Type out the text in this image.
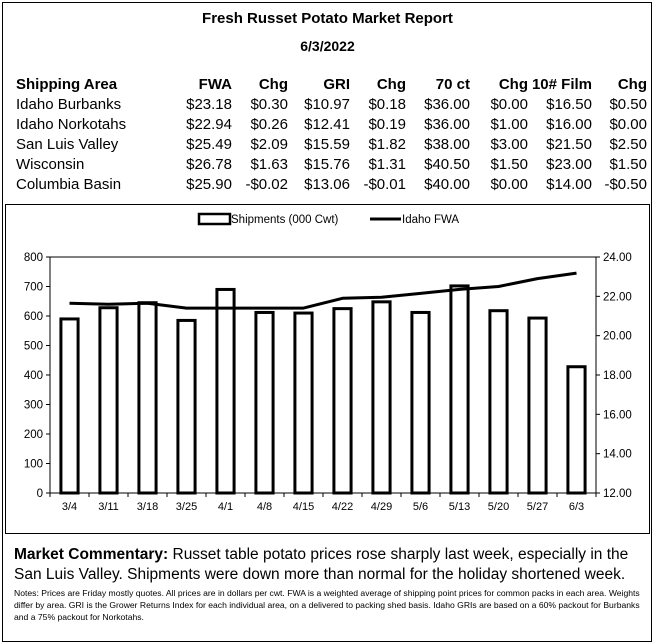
Fresh Russet Potato Market Report
6/3/2022
Shipping Area	FWA	Chg	GRI	Chg	70 ct	Chg	10# Film	Chg
Idaho Burbanks	$23.18	$0.30	$10.97	$0.18	$36.00	$0.00	$16.50	$0.50
Idaho Norkotahs	$22.94	$0.26	$12.41	$0.19	$36.00	$1.00	$16.00	$0.00
San Luis Valley	$25.49	$2.09	$15.59	$1.82	$38.00	$3.00	$21.50	$2.50
Wisconsin	$26.78	$1.63	$15.76	$1.31	$40.50	$1.50	$23.00	$1.50
Columbia Basin	$25.90	-$0.02	$13.06	-$0.01	$40.00	$0.00	$14.00	-$0.50
0
100
200
300
400
500
600
700
800
12.00
14.00
16.00
18.00
20.00
22.00
24.00
3/4 3/11 3/18 3/25 4/1 4/8 4/15 4/22 4/29 5/6 5/13 5/20 5/27 6/3
Shipments (000 Cwt)	Idaho FWA
Market Commentary: Russet table potato prices rose sharply last week, especially in the San Luis Valley. Shipments were down more than normal for the holiday shortened week.
Notes: Prices are Friday mostly quotes. All prices are in dollars per cwt. FWA is a weighted average of shipping point prices for common packs in each area. Weights differ by area. GRI is the Grower Returns Index for each individual area, on a delivered to packing shed basis. Idaho GRIs are based on a 60% packout for Burbanks and a 75% packout for Norkotahs.
